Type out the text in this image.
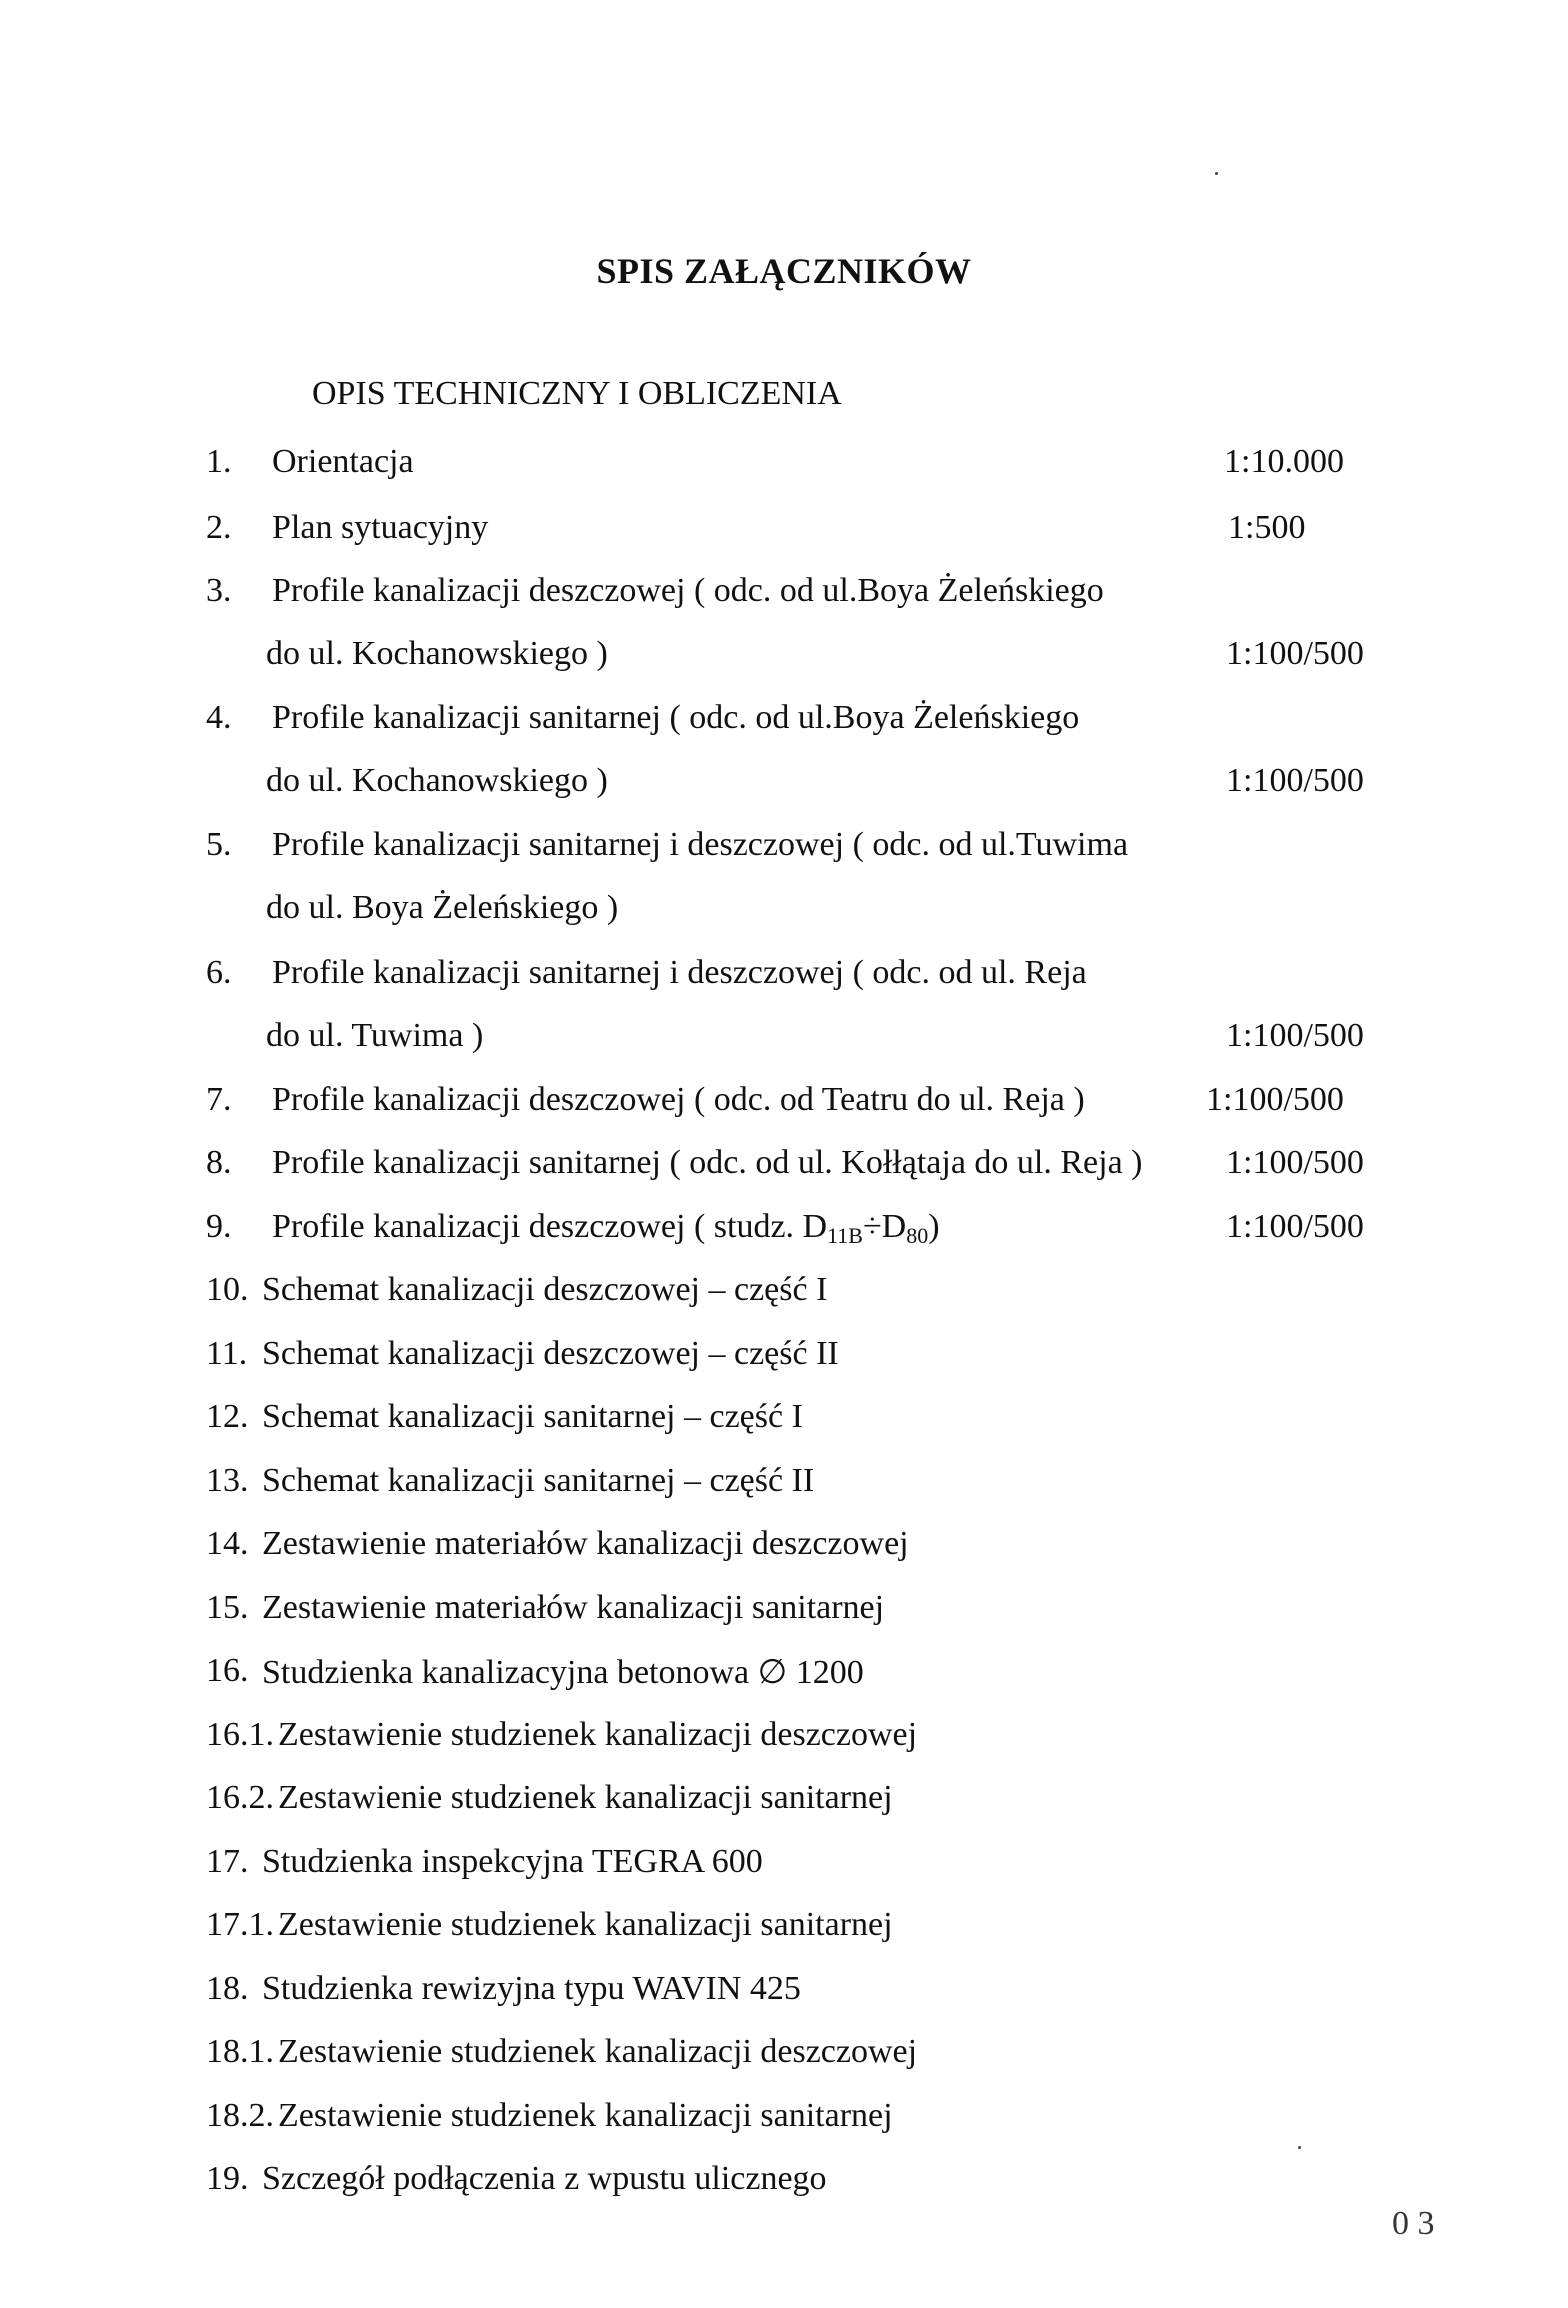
SPIS ZAŁĄCZNIKÓW
OPIS TECHNICZNY I OBLICZENIA
1. Orientacja	1:10.000
2. Plan sytuacyjny	1:500
3. Profile kanalizacji deszczowej ( odc. od ul.Boya Żeleńskiego
do ul. Kochanowskiego )	1:100/500
4. Profile kanalizacji sanitarnej ( odc. od ul.Boya Żeleńskiego
do ul. Kochanowskiego )	1:100/500
5. Profile kanalizacji sanitarnej i deszczowej ( odc. od ul.Tuwima
do ul. Boya Żeleńskiego )
6. Profile kanalizacji sanitarnej i deszczowej ( odc. od ul. Reja
do ul. Tuwima )	1:100/500
7. Profile kanalizacji deszczowej ( odc. od Teatru do ul. Reja )	1:100/500
8. Profile kanalizacji sanitarnej ( odc. od ul. Kołłątaja do ul. Reja ) 1:100/500
9. Profile kanalizacji deszczowej ( studz. $D_{11B}\div D_{80}$)	1:100/500
10. Schemat kanalizacji deszczowej – część I
11. Schemat kanalizacji deszczowej – część II
12. Schemat kanalizacji sanitarnej – część I
13. Schemat kanalizacji sanitarnej – część II
14. Zestawienie materiałów kanalizacji deszczowej
15. Zestawienie materiałów kanalizacji sanitarnej
16. Studzienka kanalizacyjna betonowa ∅ 1200
16.1. Zestawienie studzienek kanalizacji deszczowej
16.2. Zestawienie studzienek kanalizacji sanitarnej
17. Studzienka inspekcyjna TEGRA 600
17.1. Zestawienie studzienek kanalizacji sanitarnej
18. Studzienka rewizyjna typu WAVIN 425
18.1. Zestawienie studzienek kanalizacji deszczowej
18.2. Zestawienie studzienek kanalizacji sanitarnej
19. Szczegół podłączenia z wpustu ulicznego
0 3
